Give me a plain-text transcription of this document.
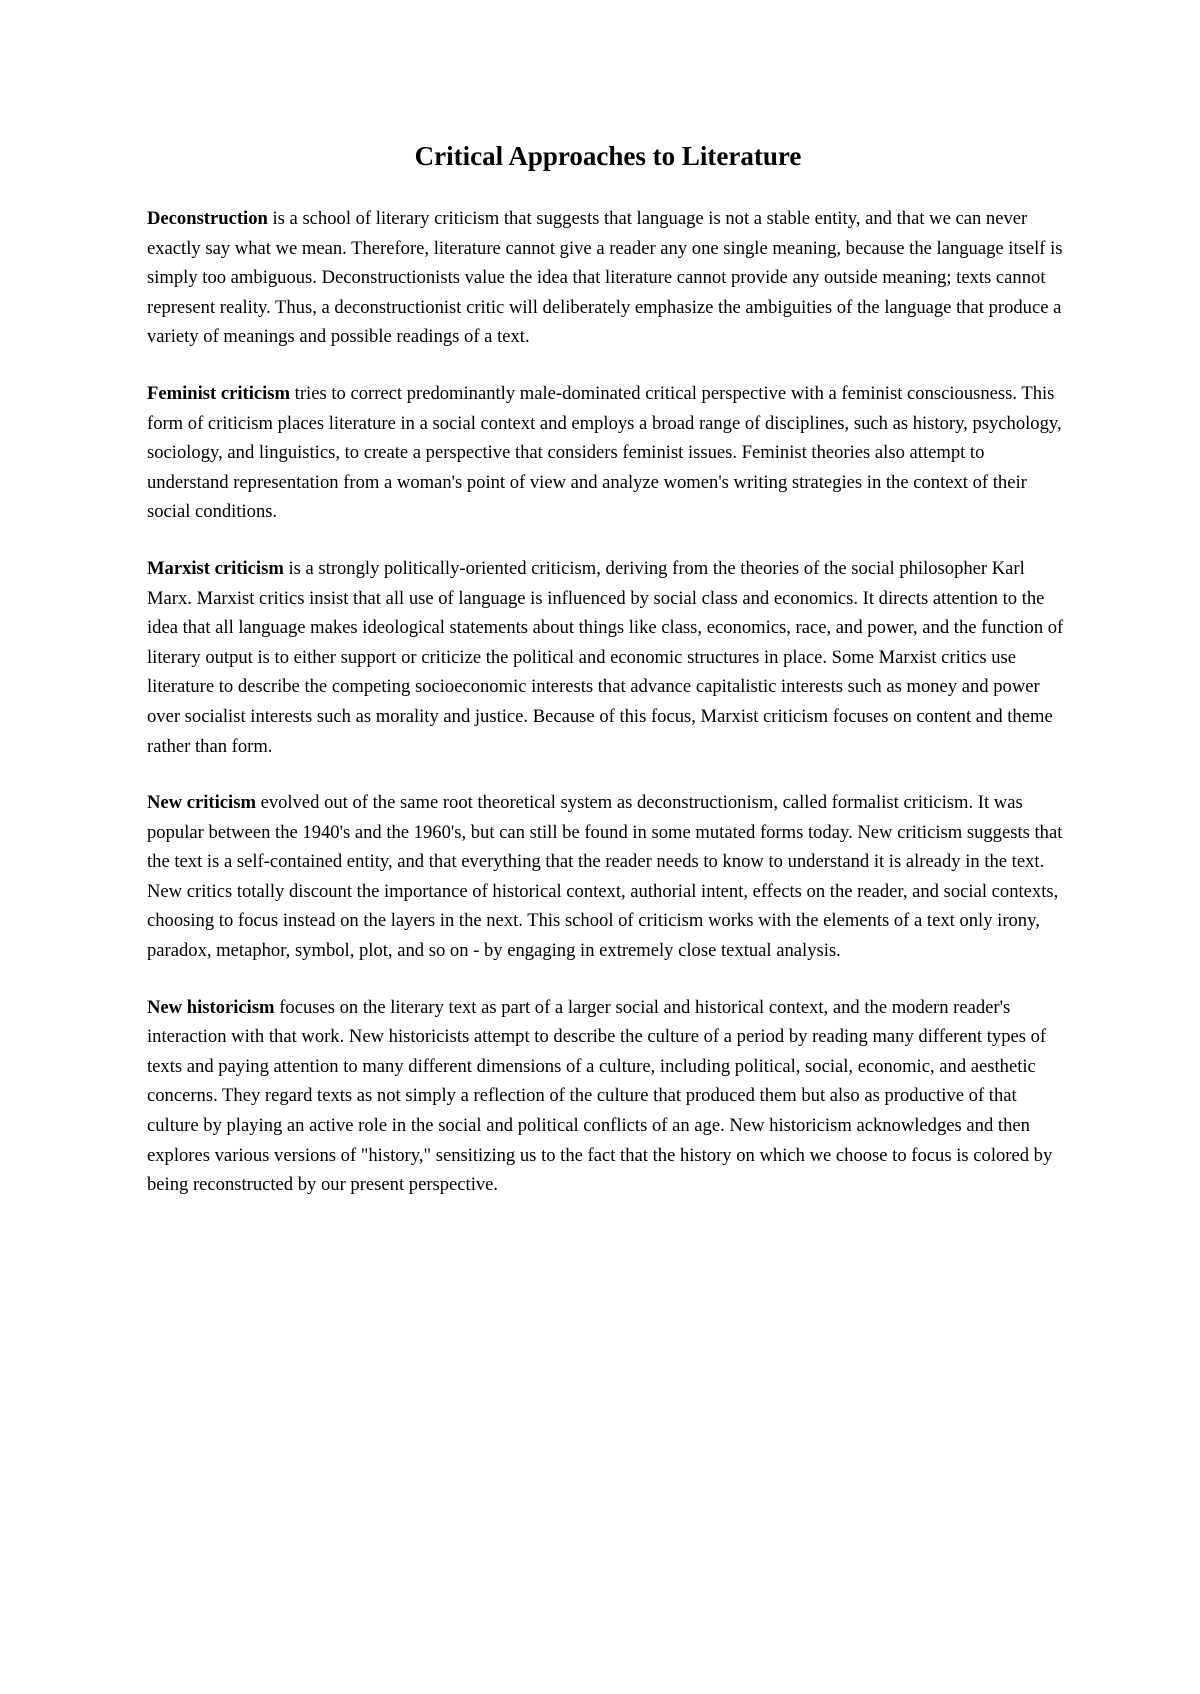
Critical Approaches to Literature

Deconstruction is a school of literary criticism that suggests that language is not a stable entity, and that we can never exactly say what we mean. Therefore, literature cannot give a reader any one single meaning, because the language itself is simply too ambiguous. Deconstructionists value the idea that literature cannot provide any outside meaning; texts cannot represent reality. Thus, a deconstructionist critic will deliberately emphasize the ambiguities of the language that produce a variety of meanings and possible readings of a text.

Feminist criticism tries to correct predominantly male-dominated critical perspective with a feminist consciousness. This form of criticism places literature in a social context and employs a broad range of disciplines, such as history, psychology, sociology, and linguistics, to create a perspective that considers feminist issues. Feminist theories also attempt to understand representation from a woman's point of view and analyze women's writing strategies in the context of their social conditions.

Marxist criticism is a strongly politically-oriented criticism, deriving from the theories of the social philosopher Karl Marx. Marxist critics insist that all use of language is influenced by social class and economics. It directs attention to the idea that all language makes ideological statements about things like class, economics, race, and power, and the function of literary output is to either support or criticize the political and economic structures in place. Some Marxist critics use literature to describe the competing socioeconomic interests that advance capitalistic interests such as money and power over socialist interests such as morality and justice. Because of this focus, Marxist criticism focuses on content and theme rather than form.

New criticism evolved out of the same root theoretical system as deconstructionism, called formalist criticism. It was popular between the 1940's and the 1960's, but can still be found in some mutated forms today. New criticism suggests that the text is a self-contained entity, and that everything that the reader needs to know to understand it is already in the text. New critics totally discount the importance of historical context, authorial intent, effects on the reader, and social contexts, choosing to focus instead on the layers in the next. This school of criticism works with the elements of a text only irony, paradox, metaphor, symbol, plot, and so on - by engaging in extremely close textual analysis.

New historicism focuses on the literary text as part of a larger social and historical context, and the modern reader's interaction with that work. New historicists attempt to describe the culture of a period by reading many different types of texts and paying attention to many different dimensions of a culture, including political, social, economic, and aesthetic concerns. They regard texts as not simply a reflection of the culture that produced them but also as productive of that culture by playing an active role in the social and political conflicts of an age. New historicism acknowledges and then explores various versions of "history," sensitizing us to the fact that the history on which we choose to focus is colored by being reconstructed by our present perspective.
